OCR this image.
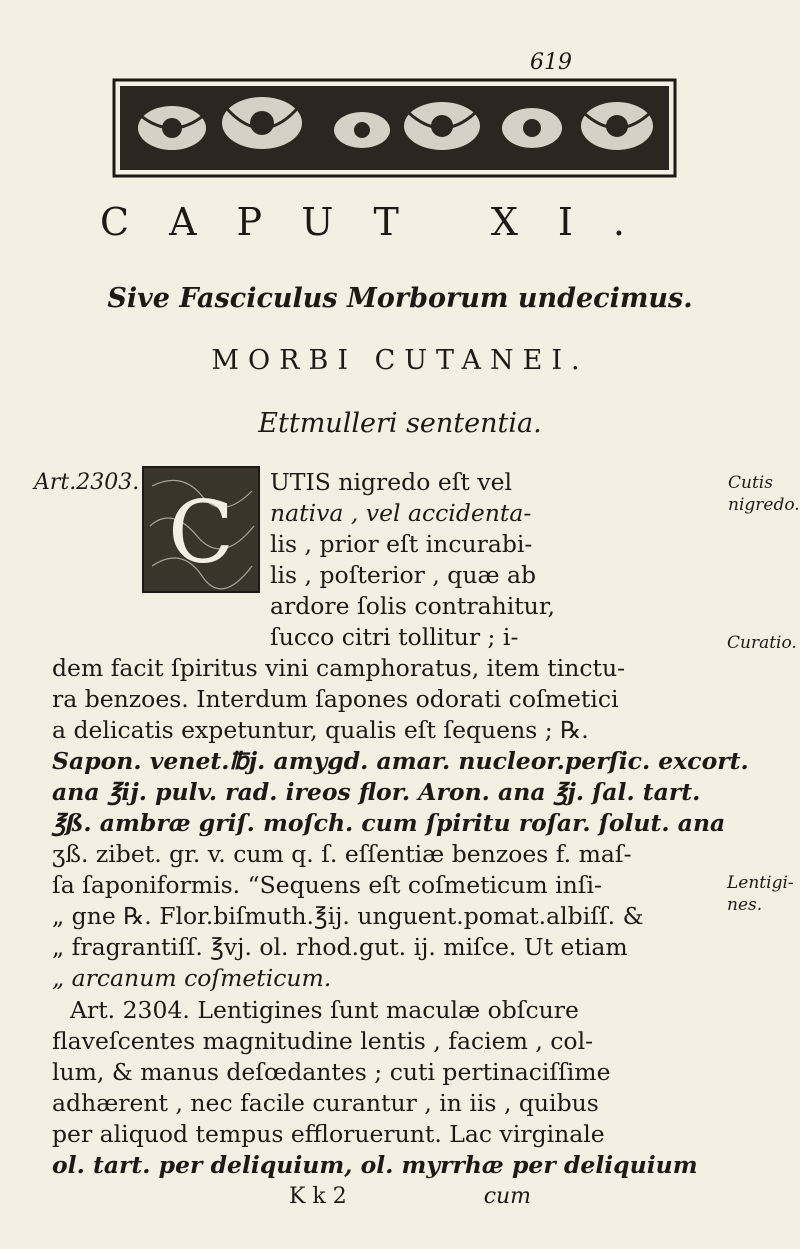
619
CAPUT XI.
Sive Fasciculus Morborum undecimus.
MORBI CUTANEI.
Ettmulleri sententia.
Art.2303.
C	Cutis
nigredo.
Curatio.
Lentigi-
nes.
UTIS nigredo eſt vel
nativa , vel accidenta-
lis , prior eſt incurabi-
lis , poſterior , quæ ab
ardore ſolis contrahitur,
ſucco citri tollitur ; i-
dem facit ſpiritus vini camphoratus, item tinctu-
ra benzoes. Interdum ſapones odorati coſmetici
a delicatis expetuntur, qualis eſt ſequens ; ℞.
Sapon. venet.℔j. amygd. amar. nucleor.perſic. excort.
ana ℥ij. pulv. rad. ireos flor. Aron. ana ℥j. ſal. tart.
℥ß. ambræ griſ. moſch. cum ſpiritu roſar. ſolut. ana
ʒß. zibet. gr. v. cum q. ſ. eſſentiæ benzoes f. maſ-
ſa ſaponiformis. “Sequens eſt coſmeticum inſi-
„ gne ℞. Flor.biſmuth.℥ij. unguent.pomat.albiſſ. &
„ fragrantiſſ. ℥vj. ol. rhod.gut. ij. miſce. Ut etiam
„ arcanum coſmeticum.
Art. 2304. Lentigines ſunt maculæ obſcure
flaveſcentes magnitudine lentis , faciem , col-
lum, & manus deſœdantes ; cuti pertinaciſſime
adhærent , nec facile curantur , in iis , quibus
per aliquod tempus effloruerunt. Lac virginale
ol. tart. per deliquium, ol. myrrhæ per deliquium
K k 2	cum
